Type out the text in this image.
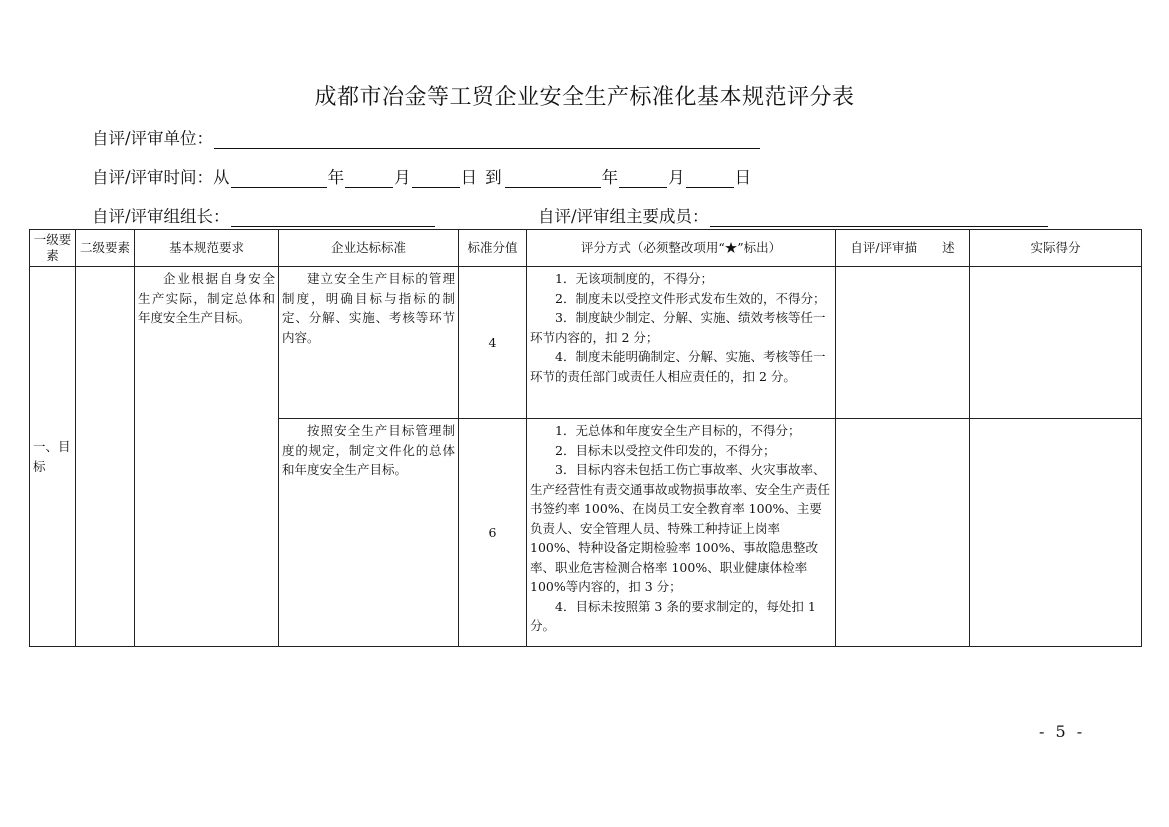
成都市冶金等工贸企业安全生产标准化基本规范评分表
自评/评审单位：
自评/评审时间：从	年	月	日 到	年	月	日
自评/评审组组长：	自评/评审组主要成员：
一级要素	二级要素	基本规范要求	企业达标标准	标准分值	评分方式（必须整改项用“★”标出）	自评/评审描　　述	实际得分
一、目标		企业根据自身安全生产实际，制定总体和年度安全生产目标。	建立安全生产目标的管理制度，明确目标与指标的制定、分解、实施、考核等环节内容。	4	1．无该项制度的，不得分；

2．制度未以受控文件形式发布生效的，不得分；

3．制度缺少制定、分解、实施、绩效考核等任一环节内容的，扣 2 分；

4．制度未能明确制定、分解、实施、考核等任一环节的责任部门或责任人相应责任的，扣 2 分。		

			按照安全生产目标管理制度的规定，制定文件化的总体和年度安全生产目标。	6	1．无总体和年度安全生产目标的，不得分；

2．目标未以受控文件印发的，不得分；

3．目标内容未包括工伤亡事故率、火灾事故率、生产经营性有责交通事故或物损事故率、安全生产责任书签约率 100%、在岗员工安全教育率 100%、主要负责人、安全管理人员、特殊工种持证上岗率 100%、特种设备定期检验率 100%、事故隐患整改率、职业危害检测合格率 100%、职业健康体检率 100%等内容的，扣 3 分；

4．目标未按照第 3 条的要求制定的，每处扣 1 分。		

- 5 -
